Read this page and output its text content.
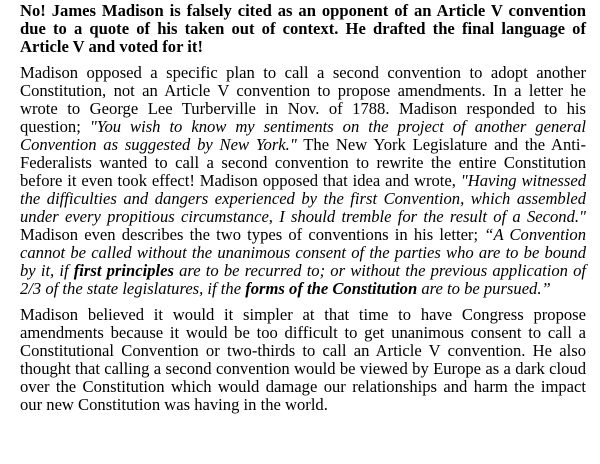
No! James Madison is falsely cited as an opponent of an Article V convention due to a quote of his taken out of context. He drafted the final language of Article V and voted for it!

Madison opposed a specific plan to call a second convention to adopt another Constitution, not an Article V convention to propose amendments. In a letter he wrote to George Lee Turberville in Nov. of 1788. Madison responded to his question; "You wish to know my sentiments on the project of another general Convention as suggested by New York." The New York Legislature and the Anti-Federalists wanted to call a second convention to rewrite the entire Constitution before it even took effect! Madison opposed that idea and wrote, "Having witnessed the difficulties and dangers experienced by the first Convention, which assembled under every propitious circumstance, I should tremble for the result of a Second." Madison even describes the two types of conventions in his letter; “A Convention cannot be called without the unanimous consent of the parties who are to be bound by it, if first principles are to be recurred to; or without the previous application of 2/3 of the state legislatures, if the forms of the Constitution are to be pursued.”

Madison believed it would it simpler at that time to have Congress propose amendments because it would be too difficult to get unanimous consent to call a Constitutional Convention or two-thirds to call an Article V convention. He also thought that calling a second convention would be viewed by Europe as a dark cloud over the Constitution which would damage our relationships and harm the impact our new Constitution was having in the world.
